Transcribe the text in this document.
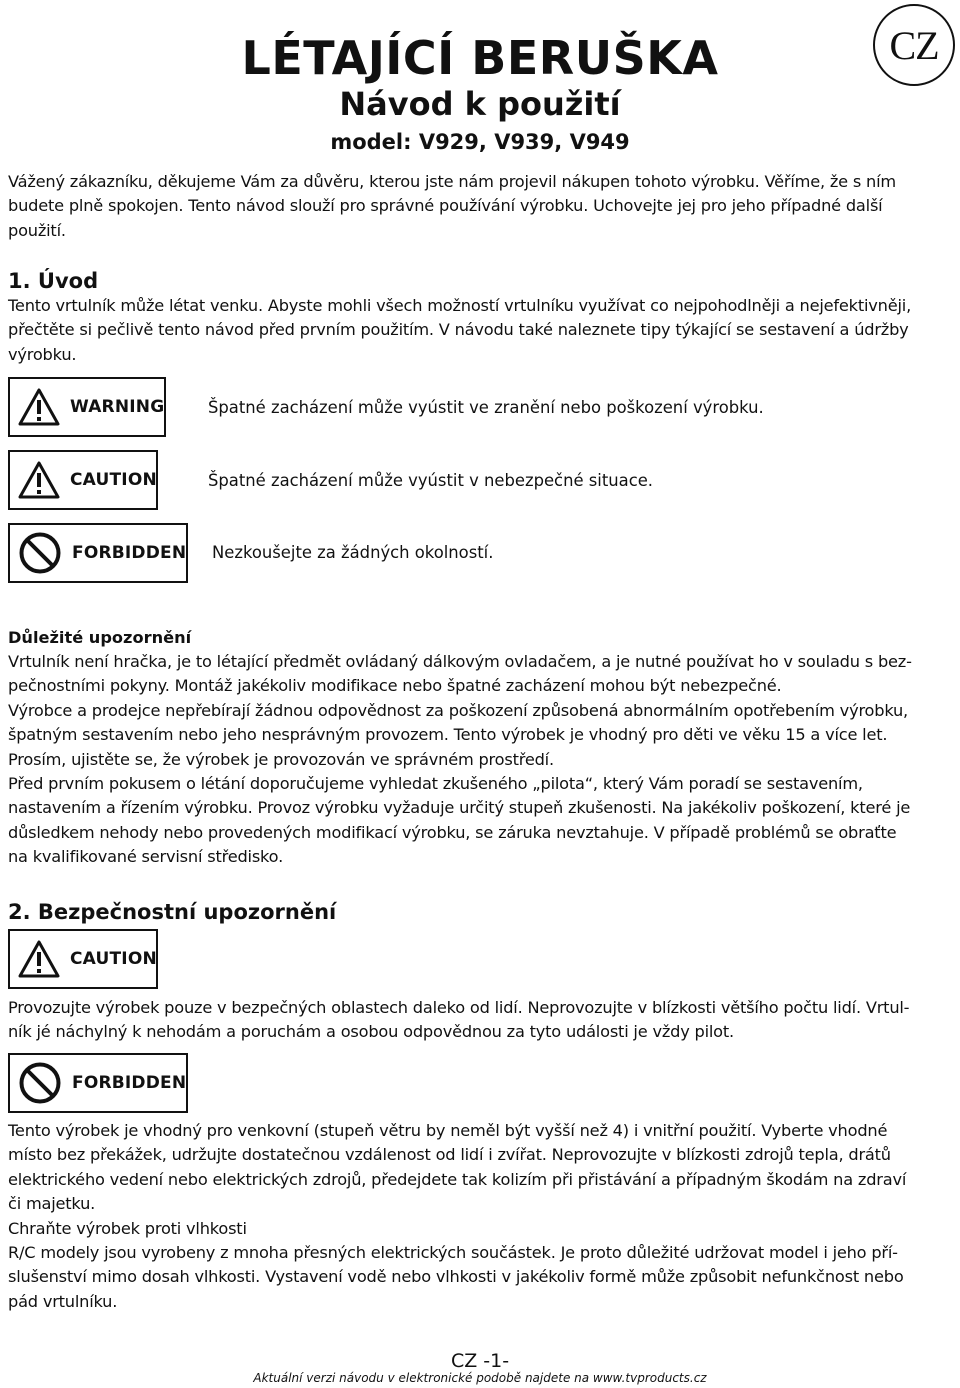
CZ
LÉTAJÍCÍ BERUŠKA
Návod k použití
model: V929, V939, V949
Vážený zákazníku, děkujeme Vám za důvěru, kterou jste nám projevil nákupen tohoto výrobku. Věříme, že s ním
budete plně spokojen. Tento návod slouží pro správné používání výrobku. Uchovejte jej pro jeho případné další
použití.
1. Úvod
Tento vrtulník může létat venku. Abyste mohli všech možností vrtulníku využívat co nejpohodlněji a nejefektivněji,
přečtěte si pečlivě tento návod před prvním použitím. V návodu také naleznete tipy týkající se sestavení a údržby
výrobku.
WARNING	Špatné zacházení může vyústit ve zranění nebo poškození výrobku.
CAUTION	Špatné zacházení může vyústit v nebezpečné situace.
FORBIDDEN Nezkoušejte za žádných okolností.
Důležité upozornění
Vrtulník není hračka, je to létající předmět ovládaný dálkovým ovladačem, a je nutné používat ho v souladu s bez-
pečnostními pokyny. Montáž jakékoliv modifikace nebo špatné zacházení mohou být nebezpečné.
Výrobce a prodejce nepřebírají žádnou odpovědnost za poškození způsobená abnormálním opotřebením výrobku,
špatným sestavením nebo jeho nesprávným provozem. Tento výrobek je vhodný pro děti ve věku 15 a více let.
Prosím, ujistěte se, že výrobek je provozován ve správném prostředí.
Před prvním pokusem o létání doporučujeme vyhledat zkušeného „pilota“, který Vám poradí se sestavením,
nastavením a řízením výrobku. Provoz výrobku vyžaduje určitý stupeň zkušenosti. Na jakékoliv poškození, které je
důsledkem nehody nebo provedených modifikací výrobku, se záruka nevztahuje. V případě problémů se obraťte
na kvalifikované servisní středisko.
2. Bezpečnostní upozornění
CAUTION
Provozujte výrobek pouze v bezpečných oblastech daleko od lidí. Neprovozujte v blízkosti většího počtu lidí. Vrtul-
ník jé náchylný k nehodám a poruchám a osobou odpovědnou za tyto události je vždy pilot.
FORBIDDEN
Tento výrobek je vhodný pro venkovní (stupeň větru by neměl být vyšší než 4) i vnitřní použití. Vyberte vhodné
místo bez překážek, udržujte dostatečnou vzdálenost od lidí i zvířat. Neprovozujte v blízkosti zdrojů tepla, drátů
elektrického vedení nebo elektrických zdrojů, předejdete tak kolizím při přistávání a případným škodám na zdraví
či majetku.
Chraňte výrobek proti vlhkosti
R/C modely jsou vyrobeny z mnoha přesných elektrických součástek. Je proto důležité udržovat model i jeho pří-
slušenství mimo dosah vlhkosti. Vystavení vodě nebo vlhkosti v jakékoliv formě může způsobit nefunkčnost nebo
pád vrtulníku.
CZ -1-
Aktuální verzi návodu v elektronické podobě najdete na www.tvproducts.cz
